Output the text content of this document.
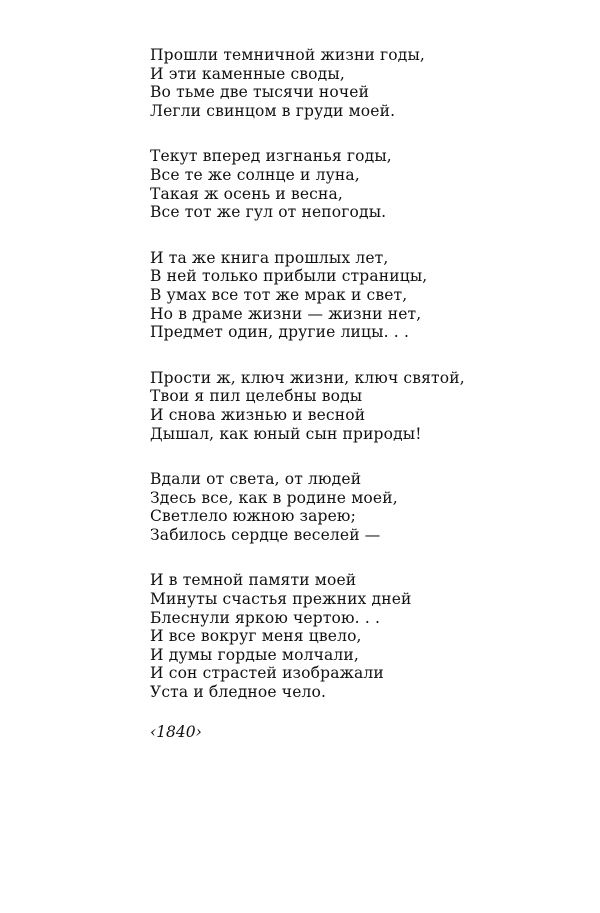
Прошли темничной жизни годы,
И эти каменные своды,
Во тьме две тысячи ночей
Легли свинцом в груди моей.
Текут вперед изгнанья годы,
Все те же солнце и луна,
Такая ж осень и весна,
Все тот же гул от непогоды.
И та же книга прошлых лет,
В ней только прибыли страницы,
В умах все тот же мрак и свет,
Но в драме жизни — жизни нет,
Предмет один, другие лицы. . .
Прости ж, ключ жизни, ключ святой,
Твои я пил целебны воды
И снова жизнью и весной
Дышал, как юный сын природы!
Вдали от света, от людей
Здесь все, как в родине моей,
Светлело южною зарею;
Забилось сердце веселей —
И в темной памяти моей
Минуты счастья прежних дней
Блеснули яркою чертою. . .
И все вокруг меня цвело,
И думы гордые молчали,
И сон страстей изображали
Уста и бледное чело.
‹1840›
